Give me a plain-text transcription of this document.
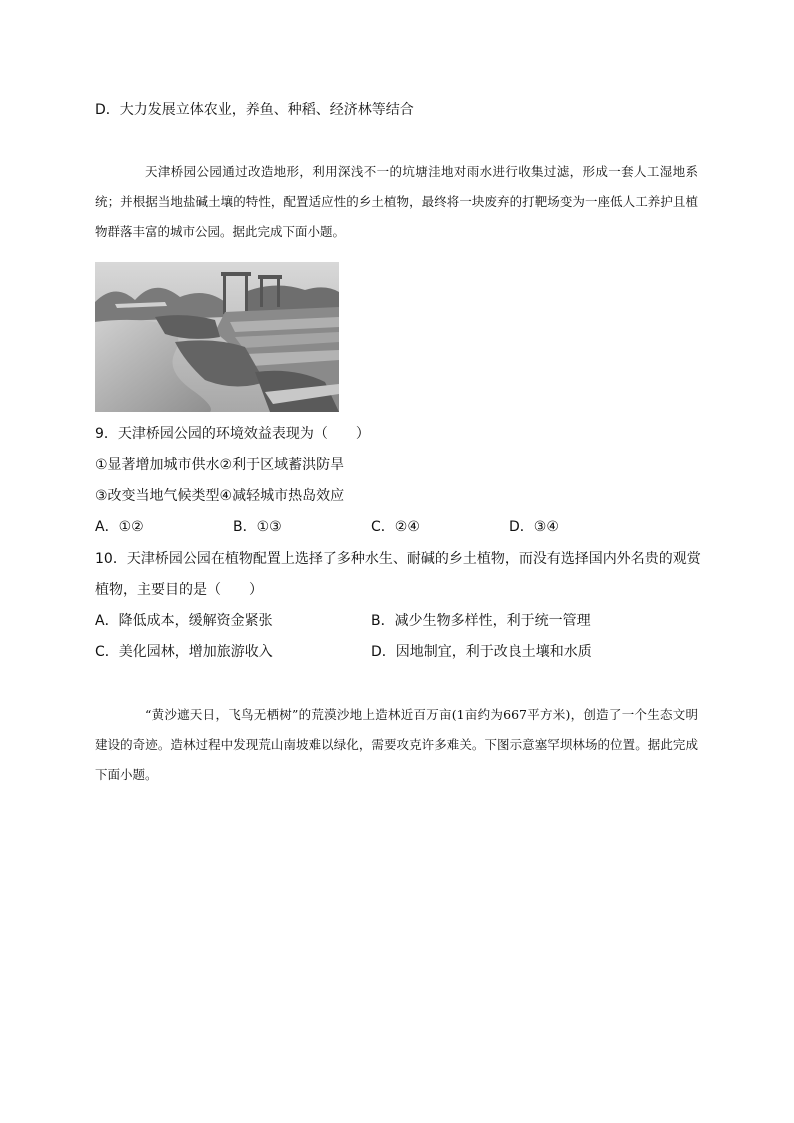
D．大力发展立体农业，养鱼、种稻、经济林等结合

天津桥园公园通过改造地形，利用深浅不一的坑塘洼地对雨水进行收集过滤，形成一套人工湿地系统；并根据当地盐碱土壤的特性，配置适应性的乡土植物，最终将一块废弃的打靶场变为一座低人工养护且植物群落丰富的城市公园。据此完成下面小题。

9．天津桥园公园的环境效益表现为（　　）
①显著增加城市供水②利于区域蓄洪防旱
③改变当地气候类型④减轻城市热岛效应
A．①②	B．①③	C．②④	D．③④
10．天津桥园公园在植物配置上选择了多种水生、耐碱的乡土植物，而没有选择国内外名贵的观赏
植物，主要目的是（　　）
A．降低成本，缓解资金紧张	B．减少生物多样性，利于统一管理
C．美化园林，增加旅游收入	D．因地制宜，利于改良土壤和水质

“黄沙遮天日，飞鸟无栖树”的荒漠沙地上造林近百万亩(1亩约为667平方米)，创造了一个生态文明建设的奇迹。造林过程中发现荒山南坡难以绿化，需要攻克许多难关。下图示意塞罕坝林场的位置。据此完成下面小题。
